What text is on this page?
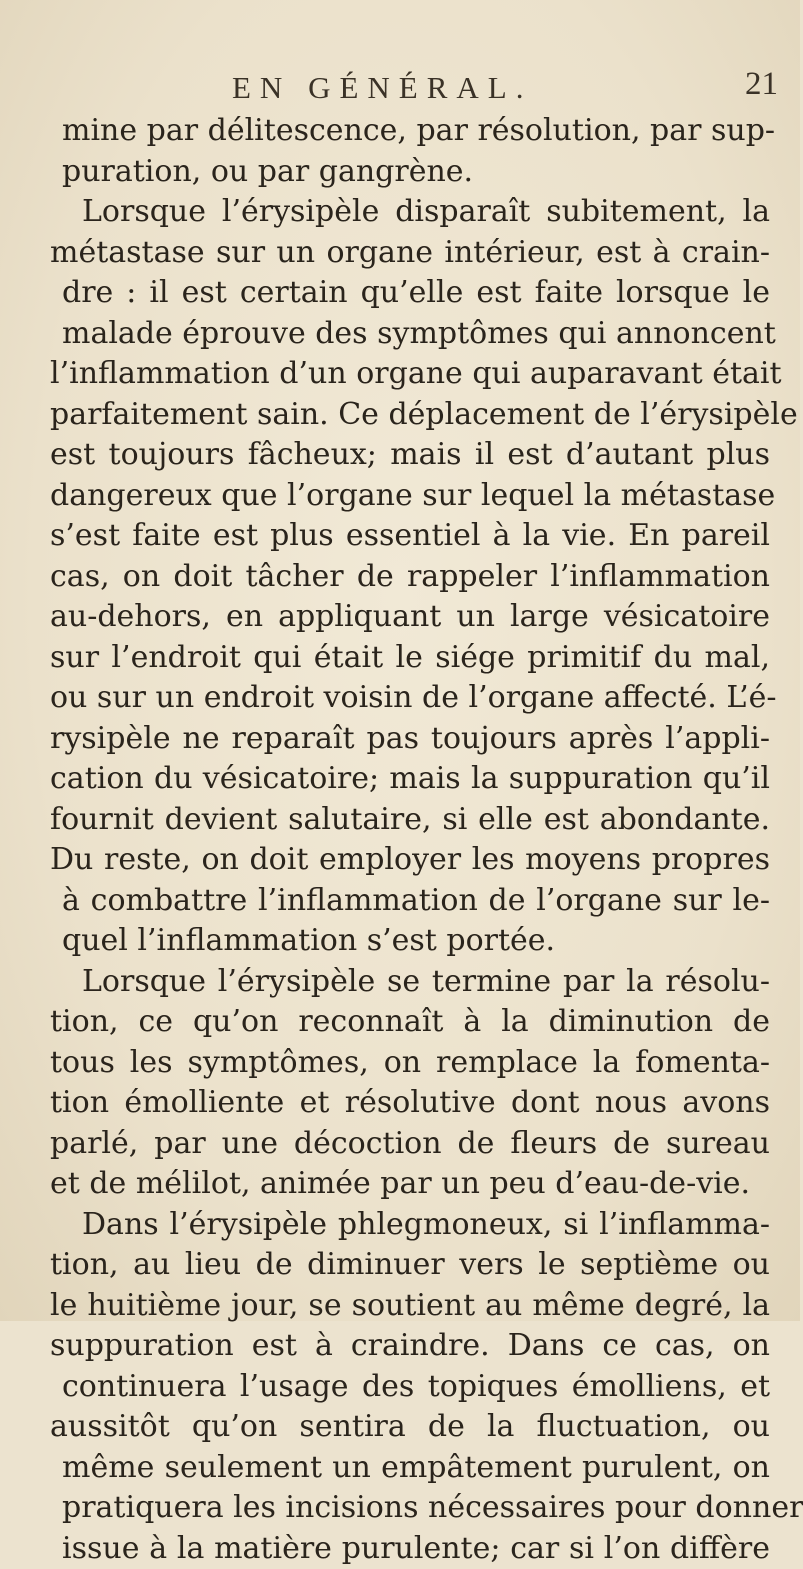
EN GÉNÉRAL.	21
mine par délitescence, par résolution, par sup-
puration, ou par gangrène.
Lorsque l’érysipèle disparaît subitement, la
métastase sur un organe intérieur, est à crain-
dre : il est certain qu’elle est faite lorsque le
malade éprouve des symptômes qui annoncent
l’inflammation d’un organe qui auparavant était
parfaitement sain. Ce déplacement de l’érysipèle
est toujours fâcheux; mais il est d’autant plus
dangereux que l’organe sur lequel la métastase
s’est faite est plus essentiel à la vie. En pareil
cas, on doit tâcher de rappeler l’inflammation
au-dehors, en appliquant un large vésicatoire
sur l’endroit qui était le siége primitif du mal,
ou sur un endroit voisin de l’organe affecté. L’é-
rysipèle ne reparaît pas toujours après l’appli-
cation du vésicatoire; mais la suppuration qu’il
fournit devient salutaire, si elle est abondante.
Du reste, on doit employer les moyens propres
à combattre l’inflammation de l’organe sur le-
quel l’inflammation s’est portée.
Lorsque l’érysipèle se termine par la résolu-
tion, ce qu’on reconnaît à la diminution de
tous les symptômes, on remplace la fomenta-
tion émolliente et résolutive dont nous avons
parlé, par une décoction de fleurs de sureau
et de mélilot, animée par un peu d’eau-de-vie.
Dans l’érysipèle phlegmoneux, si l’inflamma-
tion, au lieu de diminuer vers le septième ou
le huitième jour, se soutient au même degré, la
suppuration est à craindre. Dans ce cas, on
continuera l’usage des topiques émolliens, et
aussitôt qu’on sentira de la fluctuation, ou
même seulement un empâtement purulent, on
pratiquera les incisions nécessaires pour donner
issue à la matière purulente; car si l’on diffère
